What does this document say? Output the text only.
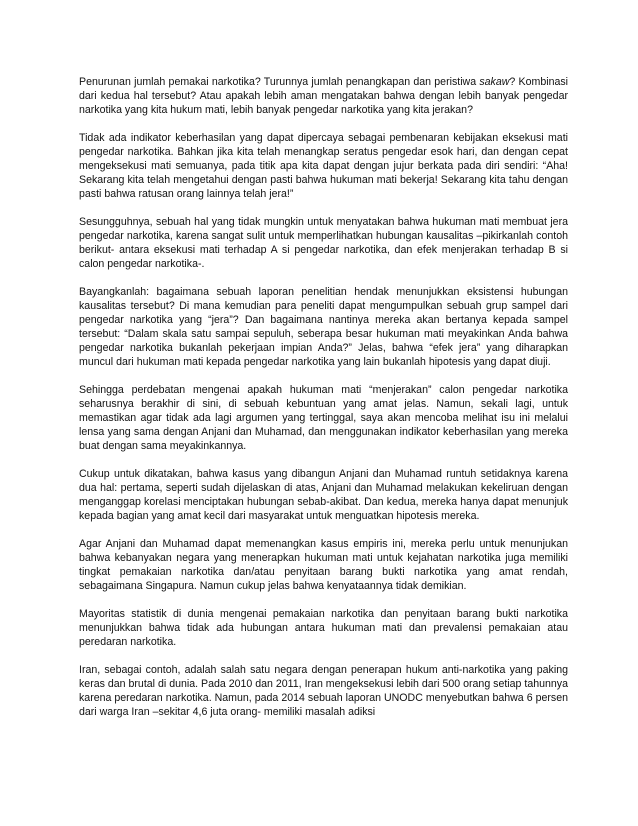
Penurunan jumlah pemakai narkotika? Turunnya jumlah penangkapan dan peristiwa sakaw? Kombinasi dari kedua hal tersebut? Atau apakah lebih aman mengatakan bahwa dengan lebih banyak pengedar narkotika yang kita hukum mati, lebih banyak pengedar narkotika yang kita jerakan?

Tidak ada indikator keberhasilan yang dapat dipercaya sebagai pembenaran kebijakan eksekusi mati pengedar narkotika. Bahkan jika kita telah menangkap seratus pengedar esok hari, dan dengan cepat mengeksekusi mati semuanya, pada titik apa kita dapat dengan jujur berkata pada diri sendiri: “Aha! Sekarang kita telah mengetahui dengan pasti bahwa hukuman mati bekerja! Sekarang kita tahu dengan pasti bahwa ratusan orang lainnya telah jera!”

Sesungguhnya, sebuah hal yang tidak mungkin untuk menyatakan bahwa hukuman mati membuat jera pengedar narkotika, karena sangat sulit untuk memperlihatkan hubungan kausalitas –pikirkanlah contoh berikut- antara eksekusi mati terhadap A si pengedar narkotika, dan efek menjerakan terhadap B si calon pengedar narkotika-.

Bayangkanlah: bagaimana sebuah laporan penelitian hendak menunjukkan eksistensi hubungan kausalitas tersebut? Di mana kemudian para peneliti dapat mengumpulkan sebuah grup sampel dari pengedar narkotika yang “jera”? Dan bagaimana nantinya mereka akan bertanya kepada sampel tersebut: “Dalam skala satu sampai sepuluh, seberapa besar hukuman mati meyakinkan Anda bahwa pengedar narkotika bukanlah pekerjaan impian Anda?” Jelas, bahwa “efek jera” yang diharapkan muncul dari hukuman mati kepada pengedar narkotika yang lain bukanlah hipotesis yang dapat diuji.

Sehingga perdebatan mengenai apakah hukuman mati “menjerakan” calon pengedar narkotika seharusnya berakhir di sini, di sebuah kebuntuan yang amat jelas. Namun, sekali lagi, untuk memastikan agar tidak ada lagi argumen yang tertinggal, saya akan mencoba melihat isu ini melalui lensa yang sama dengan Anjani dan Muhamad, dan menggunakan indikator keberhasilan yang mereka buat dengan sama meyakinkannya.

Cukup untuk dikatakan, bahwa kasus yang dibangun Anjani dan Muhamad runtuh setidaknya karena dua hal: pertama, seperti sudah dijelaskan di atas, Anjani dan Muhamad melakukan kekeliruan dengan menganggap korelasi menciptakan hubungan sebab-akibat. Dan kedua, mereka hanya dapat menunjuk kepada bagian yang amat kecil dari masyarakat untuk menguatkan hipotesis mereka.

Agar Anjani dan Muhamad dapat memenangkan kasus empiris ini, mereka perlu untuk menunjukan bahwa kebanyakan negara yang menerapkan hukuman mati untuk kejahatan narkotika juga memiliki tingkat pemakaian narkotika dan/atau penyitaan barang bukti narkotika yang amat rendah, sebagaimana Singapura. Namun cukup jelas bahwa kenyataannya tidak demikian.

Mayoritas statistik di dunia mengenai pemakaian narkotika dan penyitaan barang bukti narkotika menunjukkan bahwa tidak ada hubungan antara hukuman mati dan prevalensi pemakaian atau peredaran narkotika.

Iran, sebagai contoh, adalah salah satu negara dengan penerapan hukum anti-narkotika yang paking keras dan brutal di dunia. Pada 2010 dan 2011, Iran mengeksekusi lebih dari 500 orang setiap tahunnya karena peredaran narkotika. Namun, pada 2014 sebuah laporan UNODC menyebutkan bahwa 6 persen dari warga Iran –sekitar 4,6 juta orang- memiliki masalah adiksi
